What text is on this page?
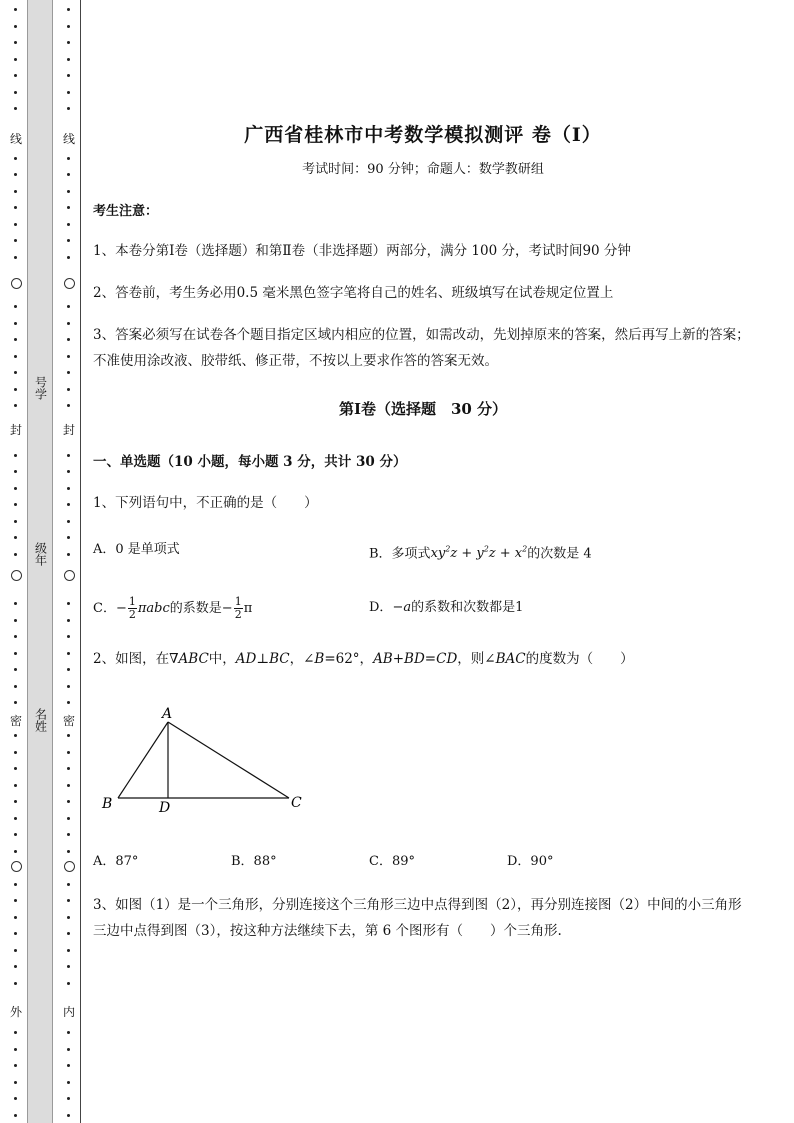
线
封
密
外
线
封
密
内
号学
级年
名姓
广西省桂林市中考数学模拟测评 卷（Ⅰ）
考试时间：90 分钟；命题人：数学教研组
考生注意：
1、本卷分第Ⅰ卷（选择题）和第Ⅱ卷（非选择题）两部分，满分 100 分，考试时间90 分钟
2、答卷前，考生务必用0.5 毫米黑色签字笔将自己的姓名、班级填写在试卷规定位置上
3、答案必须写在试卷各个题目指定区域内相应的位置，如需改动，先划掉原来的答案，然后再写上新的答案；不准使用涂改液、胶带纸、修正带，不按以上要求作答的答案无效。
第Ⅰ卷（选择题　30 分）
一、单选题（10 小题，每小题 3 分，共计 30 分）
1、下列语句中，不正确的是（　　）
A．0 是单项式	B．多项式$xy^2z + y^2z + x^2$的次数是 4
C．− $\frac{1}{2}$ πabc的系数是− $\frac{1}{2}$ π	D．−a的系数和次数都是1
2、如图，在∇ABC中，AD⊥BC，∠B=62°，AB+BD=CD，则∠BAC的度数为（　　）
A
B	C
D
A．87°	B．88°	C．89°	D．90°
3、如图（1）是一个三角形，分别连接这个三角形三边中点得到图（2），再分别连接图（2）中间的小三角形三边中点得到图（3），按这种方法继续下去，第 6 个图形有（　　）个三角形.
